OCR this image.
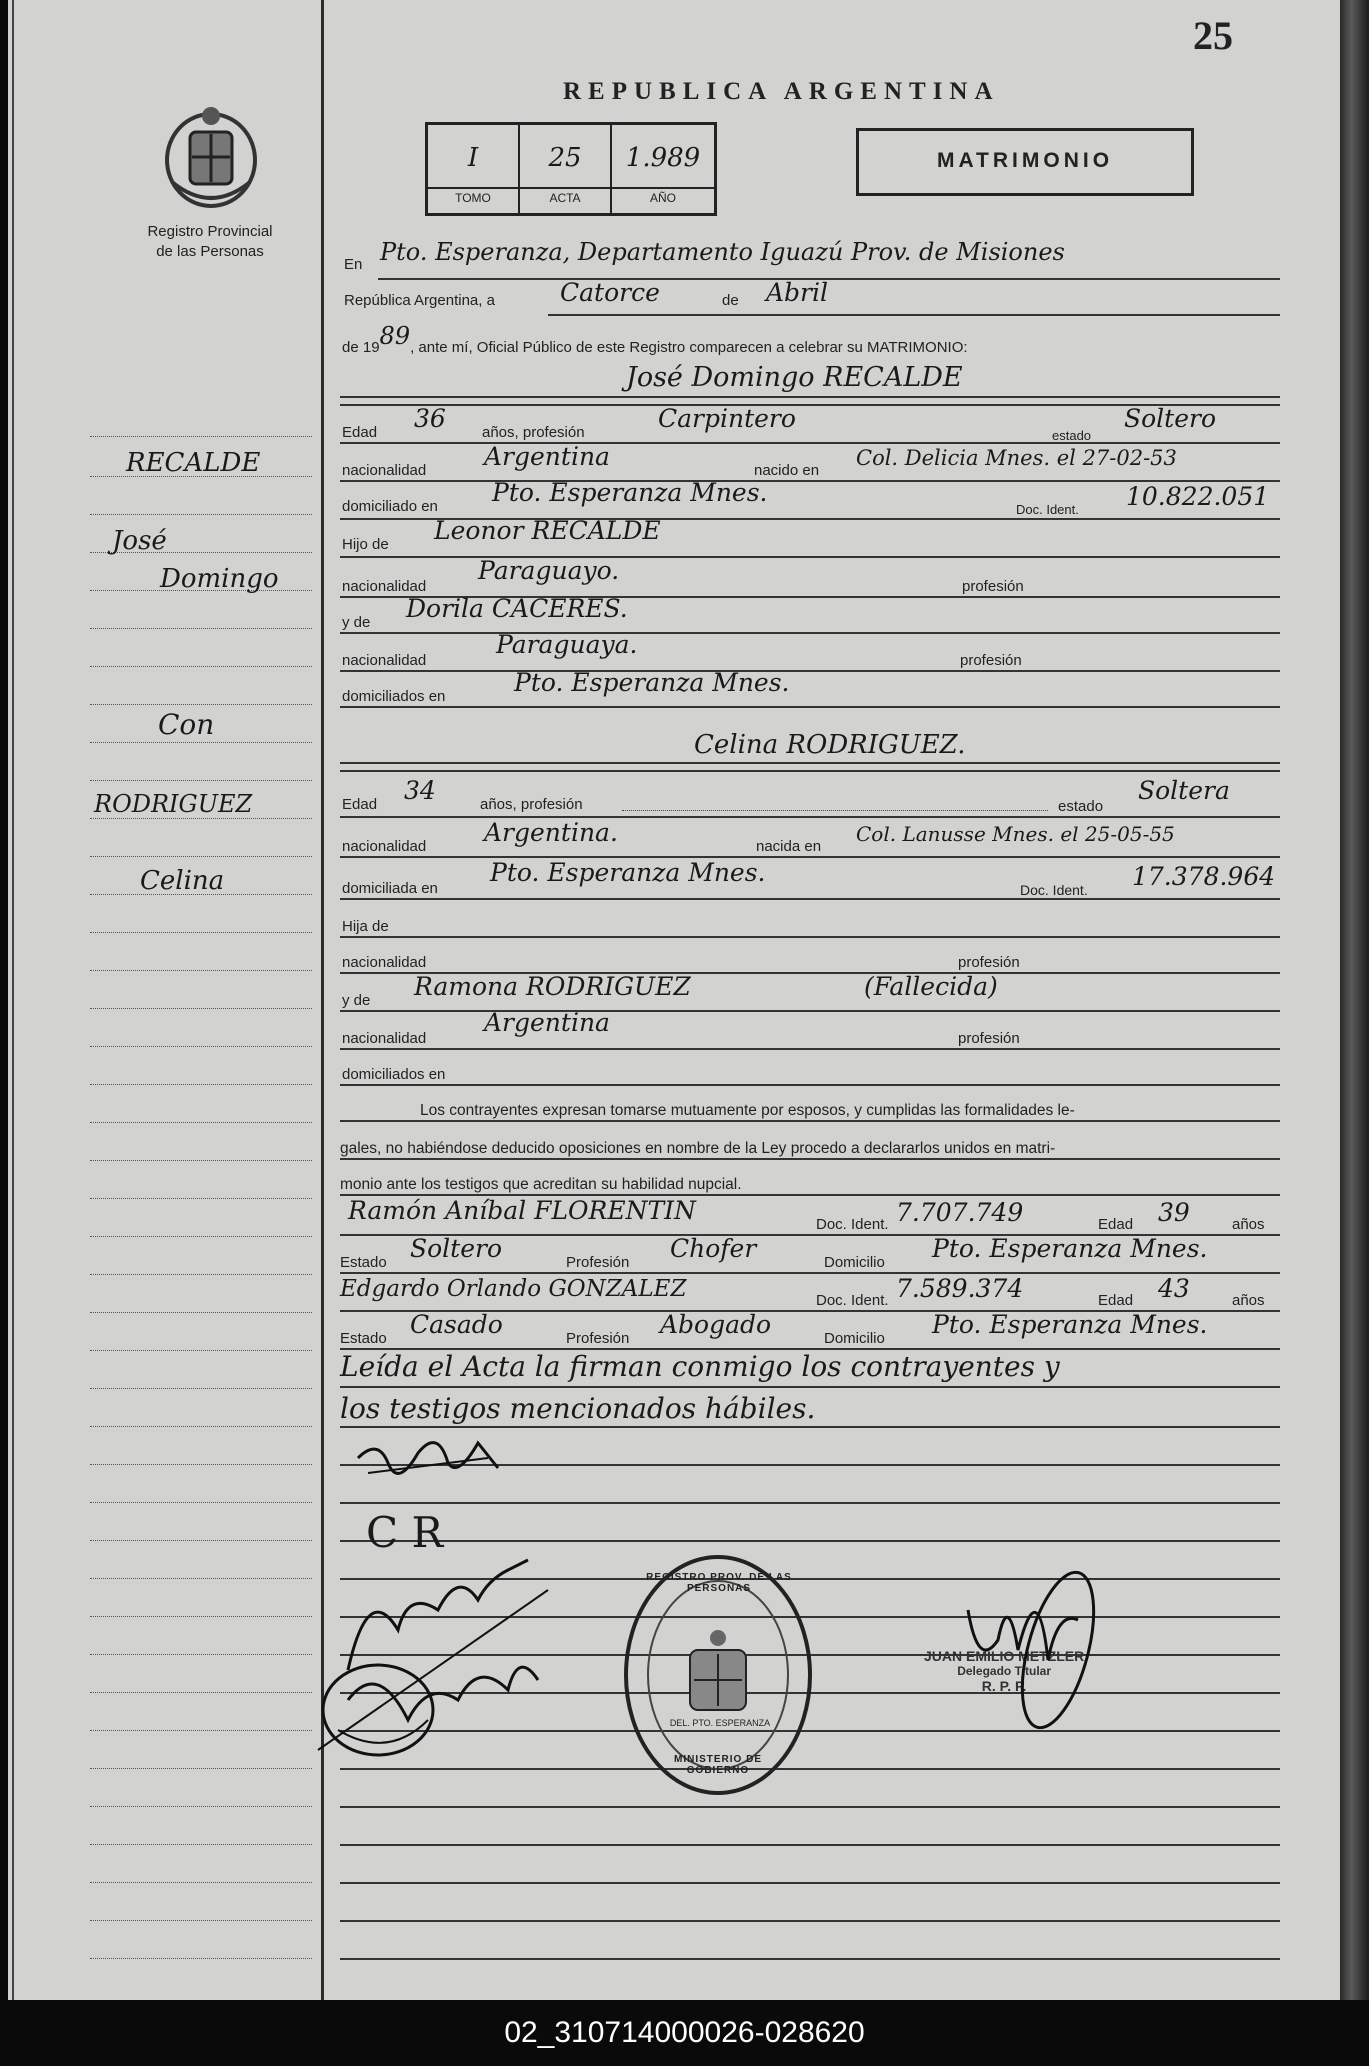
25
Registro Provincial
de las Personas
REPUBLICA ARGENTINA
I	25	1.989
TOMO	ACTA	AÑO
MATRIMONIO
En Pto. Esperanza, Departamento Iguazú Prov. de Misiones
República Argentina, a	Catorce	de Abril
de 1989, ante mí, Oficial Público de este Registro comparecen a celebrar su MATRIMONIO:
José Domingo RECALDE
Edad 36 años, profesión	Carpintero
estado
Soltero
nacionalidad Argentina	nacido en
Col. Delicia Mnes. el 27-02-53
domiciliado en Pto. Esperanza Mnes.
Doc. Ident. 10.822.051
Hijo de Leonor RECALDE
nacionalidad
Paraguayo.
profesión
y de Dorila CACERES.
nacionalidad
Paraguaya.
profesión
domiciliados en	Pto. Esperanza Mnes.
Celina RODRIGUEZ.
Edad 34	años, profesión	estado
Soltera
nacionalidad Argentina.	nacida en
Col. Lanusse Mnes. el 25-05-55
domiciliada en
Pto. Esperanza Mnes.
Doc. Ident. 17.378.964
Hija de
nacionalidad	profesión
y de Ramona RODRIGUEZ	(Fallecida)
nacionalidad
Argentina
profesión
domiciliados en
Los contrayentes expresan tomarse mutuamente por esposos, y cumplidas las formalidades le-
gales, no habiéndose deducido oposiciones en nombre de la Ley procedo a declararlos unidos en matri-
monio ante los testigos que acreditan su habilidad nupcial.
Ramón Aníbal FLORENTIN	Doc. Ident. 7.707.749	Edad 39	años
Estado Soltero	Profesión Chofer	Domicilio Pto. Esperanza Mnes.
Edgardo Orlando GONZALEZ	Doc. Ident. 7.589.374	Edad 43	años
Estado Casado	Profesión Abogado	Domicilio Pto. Esperanza Mnes.
Leída el Acta la firman conmigo los contrayentes y
los testigos mencionados hábiles.
C R
REGISTRO PROV. DE LAS PERSONAS
DEL. PTO. ESPERANZA
MINISTERIO DE GOBIERNO
JUAN EMILIO METZLER
Delegado Titular
R. P. P.
RECALDE
José
Domingo
Con
RODRIGUEZ
Celina
02_310714000026-028620
